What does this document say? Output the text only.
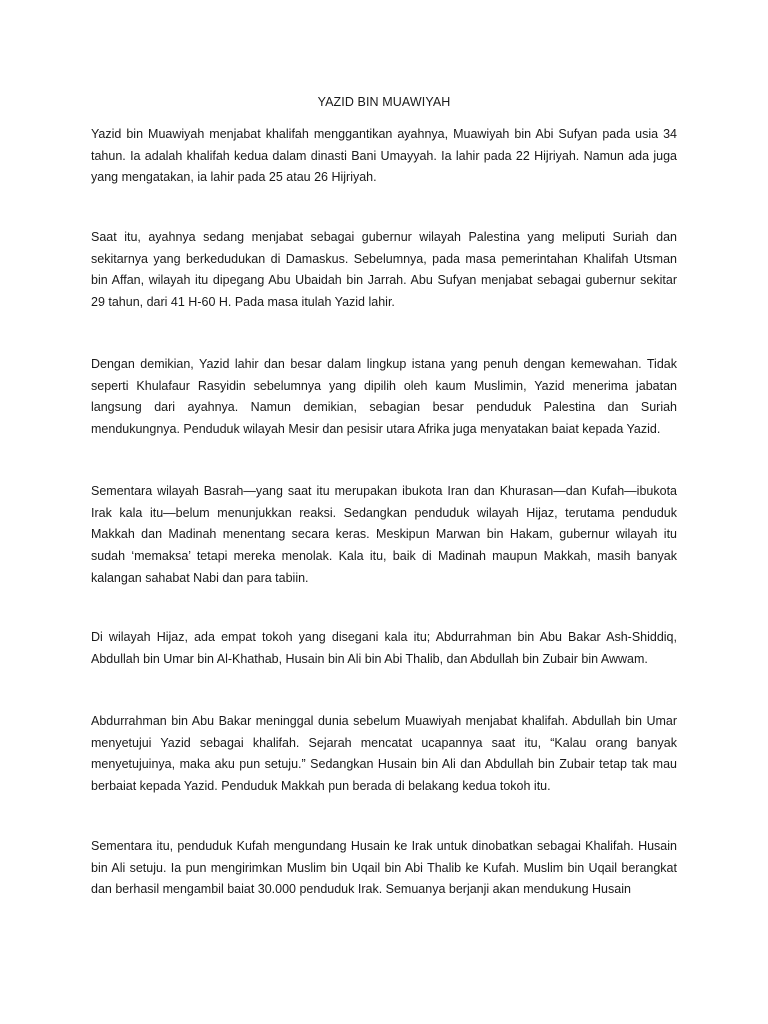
YAZID BIN MUAWIYAH

Yazid bin Muawiyah menjabat khalifah menggantikan ayahnya, Muawiyah bin Abi Sufyan pada usia 34 tahun. Ia adalah khalifah kedua dalam dinasti Bani Umayyah. Ia lahir pada 22 Hijriyah. Namun ada juga yang mengatakan, ia lahir pada 25 atau 26 Hijriyah.

Saat itu, ayahnya sedang menjabat sebagai gubernur wilayah Palestina yang meliputi Suriah dan sekitarnya yang berkedudukan di Damaskus. Sebelumnya, pada masa pemerintahan Khalifah Utsman bin Affan, wilayah itu dipegang Abu Ubaidah bin Jarrah. Abu Sufyan menjabat sebagai gubernur sekitar 29 tahun, dari 41 H-60 H. Pada masa itulah Yazid lahir.

Dengan demikian, Yazid lahir dan besar dalam lingkup istana yang penuh dengan kemewahan. Tidak seperti Khulafaur Rasyidin sebelumnya yang dipilih oleh kaum Muslimin, Yazid menerima jabatan langsung dari ayahnya. Namun demikian, sebagian besar penduduk Palestina dan Suriah mendukungnya. Penduduk wilayah Mesir dan pesisir utara Afrika juga menyatakan baiat kepada Yazid.

Sementara wilayah Basrah—yang saat itu merupakan ibukota Iran dan Khurasan—dan Kufah—ibukota Irak kala itu—belum menunjukkan reaksi. Sedangkan penduduk wilayah Hijaz, terutama penduduk Makkah dan Madinah menentang secara keras. Meskipun Marwan bin Hakam, gubernur wilayah itu sudah ‘memaksa’ tetapi mereka menolak. Kala itu, baik di Madinah maupun Makkah, masih banyak kalangan sahabat Nabi dan para tabiin.

Di wilayah Hijaz, ada empat tokoh yang disegani kala itu; Abdurrahman bin Abu Bakar Ash-Shiddiq, Abdullah bin Umar bin Al-Khathab, Husain bin Ali bin Abi Thalib, dan Abdullah bin Zubair bin Awwam.

Abdurrahman bin Abu Bakar meninggal dunia sebelum Muawiyah menjabat khalifah. Abdullah bin Umar menyetujui Yazid sebagai khalifah. Sejarah mencatat ucapannya saat itu, “Kalau orang banyak menyetujuinya, maka aku pun setuju.” Sedangkan Husain bin Ali dan Abdullah bin Zubair tetap tak mau berbaiat kepada Yazid. Penduduk Makkah pun berada di belakang kedua tokoh itu.

Sementara itu, penduduk Kufah mengundang Husain ke Irak untuk dinobatkan sebagai Khalifah. Husain bin Ali setuju. Ia pun mengirimkan Muslim bin Uqail bin Abi Thalib ke Kufah. Muslim bin Uqail berangkat dan berhasil mengambil baiat 30.000 penduduk Irak. Semuanya berjanji akan mendukung Husain
